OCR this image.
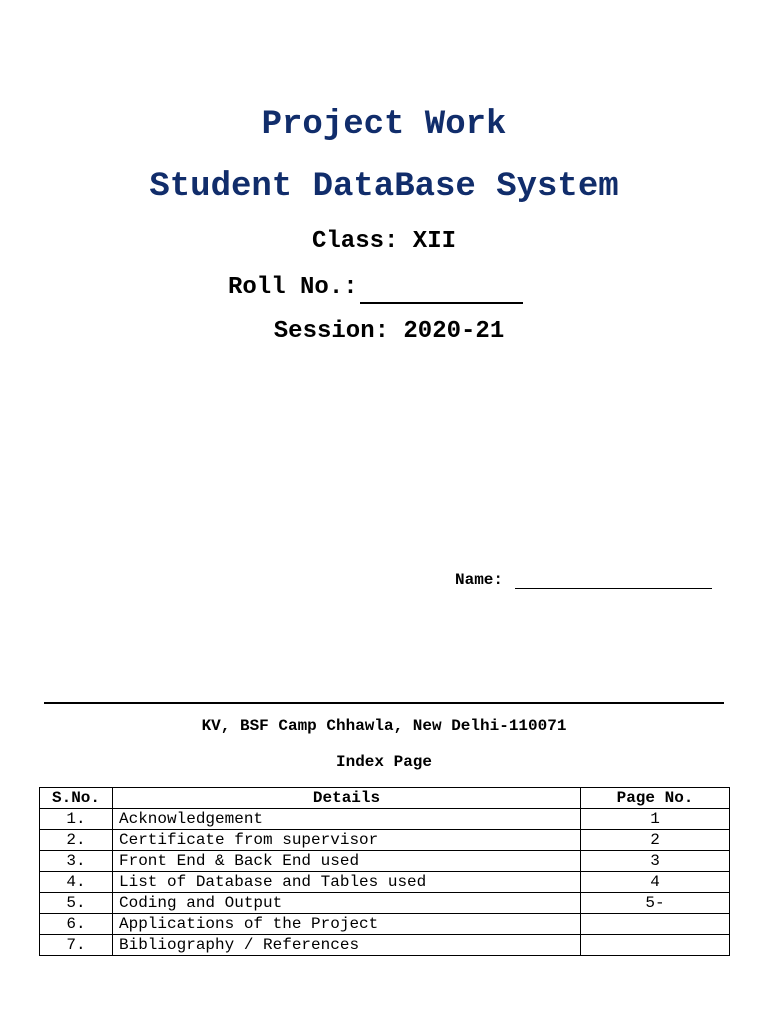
Project Work
Student DataBase System
Class: XII
Roll No.:
Session: 2020-21
Name:
KV, BSF Camp Chhawla, New Delhi-110071
Index Page
S.No.	Details	Page No.
1.	Acknowledgement	1
2.	Certificate from supervisor	2
3.	Front End & Back End used	3
4.	List of Database and Tables used	4
5.	Coding and Output	5-
6.	Applications of the Project	
7.	Bibliography / References	
